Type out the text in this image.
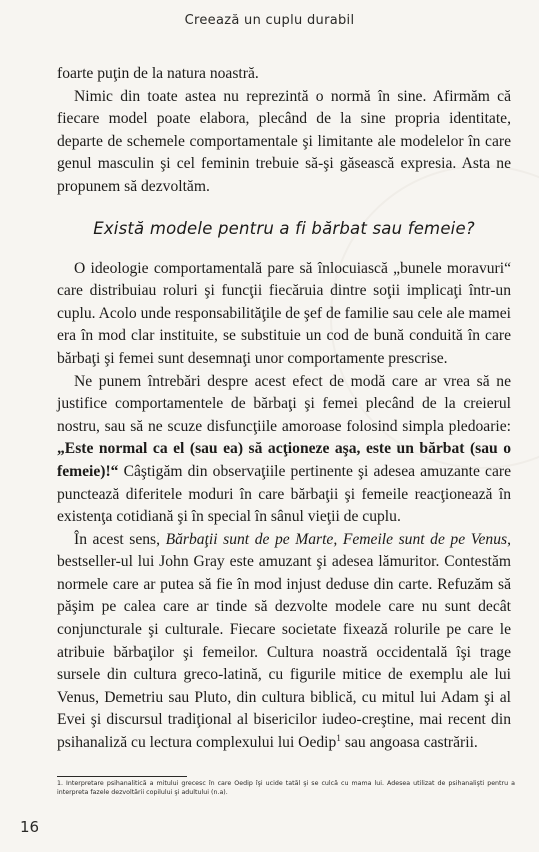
Creează un cuplu durabil

foarte puţin de la natura noastră.

Nimic din toate astea nu reprezintă o normă în sine. Afirmăm că fiecare model poate elabora, plecând de la sine propria identitate, departe de schemele comportamentale şi limitante ale modelelor în care genul masculin şi cel feminin trebuie să-şi găsească expresia. Asta ne propunem să dezvoltăm.

Există modele pentru a fi bărbat sau femeie?

O ideologie comportamentală pare să înlocuiască „bunele moravuri“ care distribuiau roluri şi funcţii fiecăruia dintre soţii implicaţi într-un cuplu. Acolo unde responsabilităţile de şef de familie sau cele ale mamei era în mod clar instituite, se substituie un cod de bună conduită în care bărbaţi şi femei sunt desemnaţi unor comportamente prescrise.

Ne punem întrebări despre acest efect de modă care ar vrea să ne justifice comportamentele de bărbaţi şi femei plecând de la creierul nostru, sau să ne scuze disfuncţiile amoroase folosind simpla pledoarie: „Este normal ca el (sau ea) să acţioneze aşa, este un bărbat (sau o femeie)!“ Câştigăm din observaţiile pertinente şi adesea amuzante care punctează diferitele moduri în care bărbaţii şi femeile reacţionează în existenţa cotidiană şi în special în sânul vieţii de cuplu.

În acest sens, Bărbaţii sunt de pe Marte, Femeile sunt de pe Venus, bestseller-ul lui John Gray este amuzant şi adesea lămuritor. Contestăm normele care ar putea să fie în mod injust deduse din carte. Refuzăm să păşim pe calea care ar tinde să dezvolte modele care nu sunt decât conjuncturale şi culturale. Fiecare societate fixează rolurile pe care le atribuie bărbaţilor şi femeilor. Cultura noastră occidentală îşi trage sursele din cultura greco-latină, cu figurile mitice de exemplu ale lui Venus, Demetriu sau Pluto, din cultura biblică, cu mitul lui Adam şi al Evei şi discursul tradiţional al bisericilor iudeo-creştine, mai recent din psihanaliză cu lectura complexului lui Oedip$^1$ sau angoasa castrării.

1. Interpretare psihanalitică a mitului grecesc în care Oedip îşi ucide tatăl şi se culcă cu mama lui. Adesea utilizat de psihanalişti pentru a interpreta fazele dezvoltării copilului şi adultului (n.a).
16
